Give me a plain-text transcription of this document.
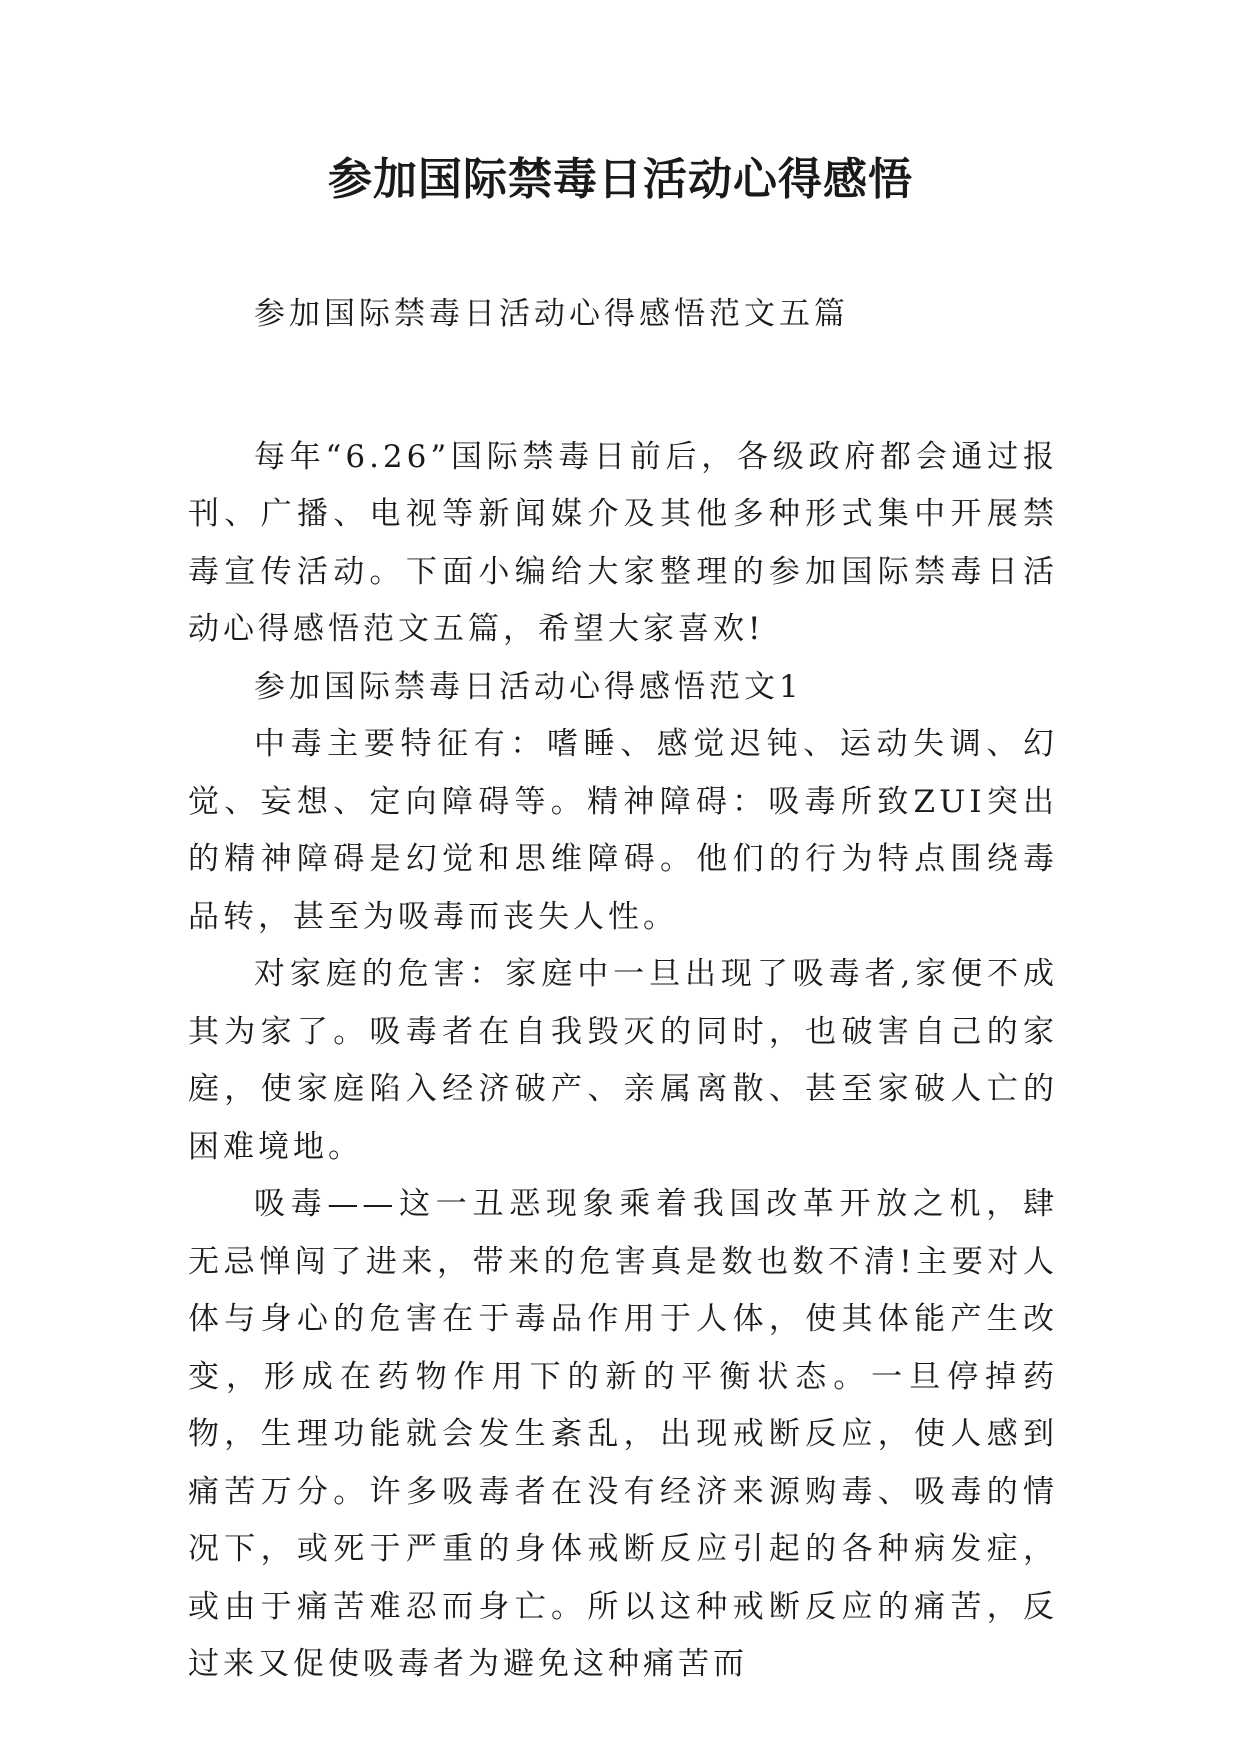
参加国际禁毒日活动心得感悟

参加国际禁毒日活动心得感悟范文五篇

每年“6.26”国际禁毒日前后，各级政府都会通过报刊、广播、电视等新闻媒介及其他多种形式集中开展禁毒宣传活动。下面小编给大家整理的参加国际禁毒日活动心得感悟范文五篇，希望大家喜欢!

参加国际禁毒日活动心得感悟范文1

中毒主要特征有：嗜睡、感觉迟钝、运动失调、幻觉、妄想、定向障碍等。精神障碍：吸毒所致ZUI突出的精神障碍是幻觉和思维障碍。他们的行为特点围绕毒品转，甚至为吸毒而丧失人性。

对家庭的危害：家庭中一旦出现了吸毒者,家便不成其为家了。吸毒者在自我毁灭的同时，也破害自己的家庭，使家庭陷入经济破产、亲属离散、甚至家破人亡的困难境地。

吸毒——这一丑恶现象乘着我国改革开放之机，肆无忌惮闯了进来，带来的危害真是数也数不清!主要对人体与身心的危害在于毒品作用于人体，使其体能产生改变，形成在药物作用下的新的平衡状态。一旦停掉药物，生理功能就会发生紊乱，出现戒断反应，使人感到痛苦万分。许多吸毒者在没有经济来源购毒、吸毒的情况下，或死于严重的身体戒断反应引起的各种病发症，或由于痛苦难忍而身亡。所以这种戒断反应的痛苦，反过来又促使吸毒者为避免这种痛苦而
